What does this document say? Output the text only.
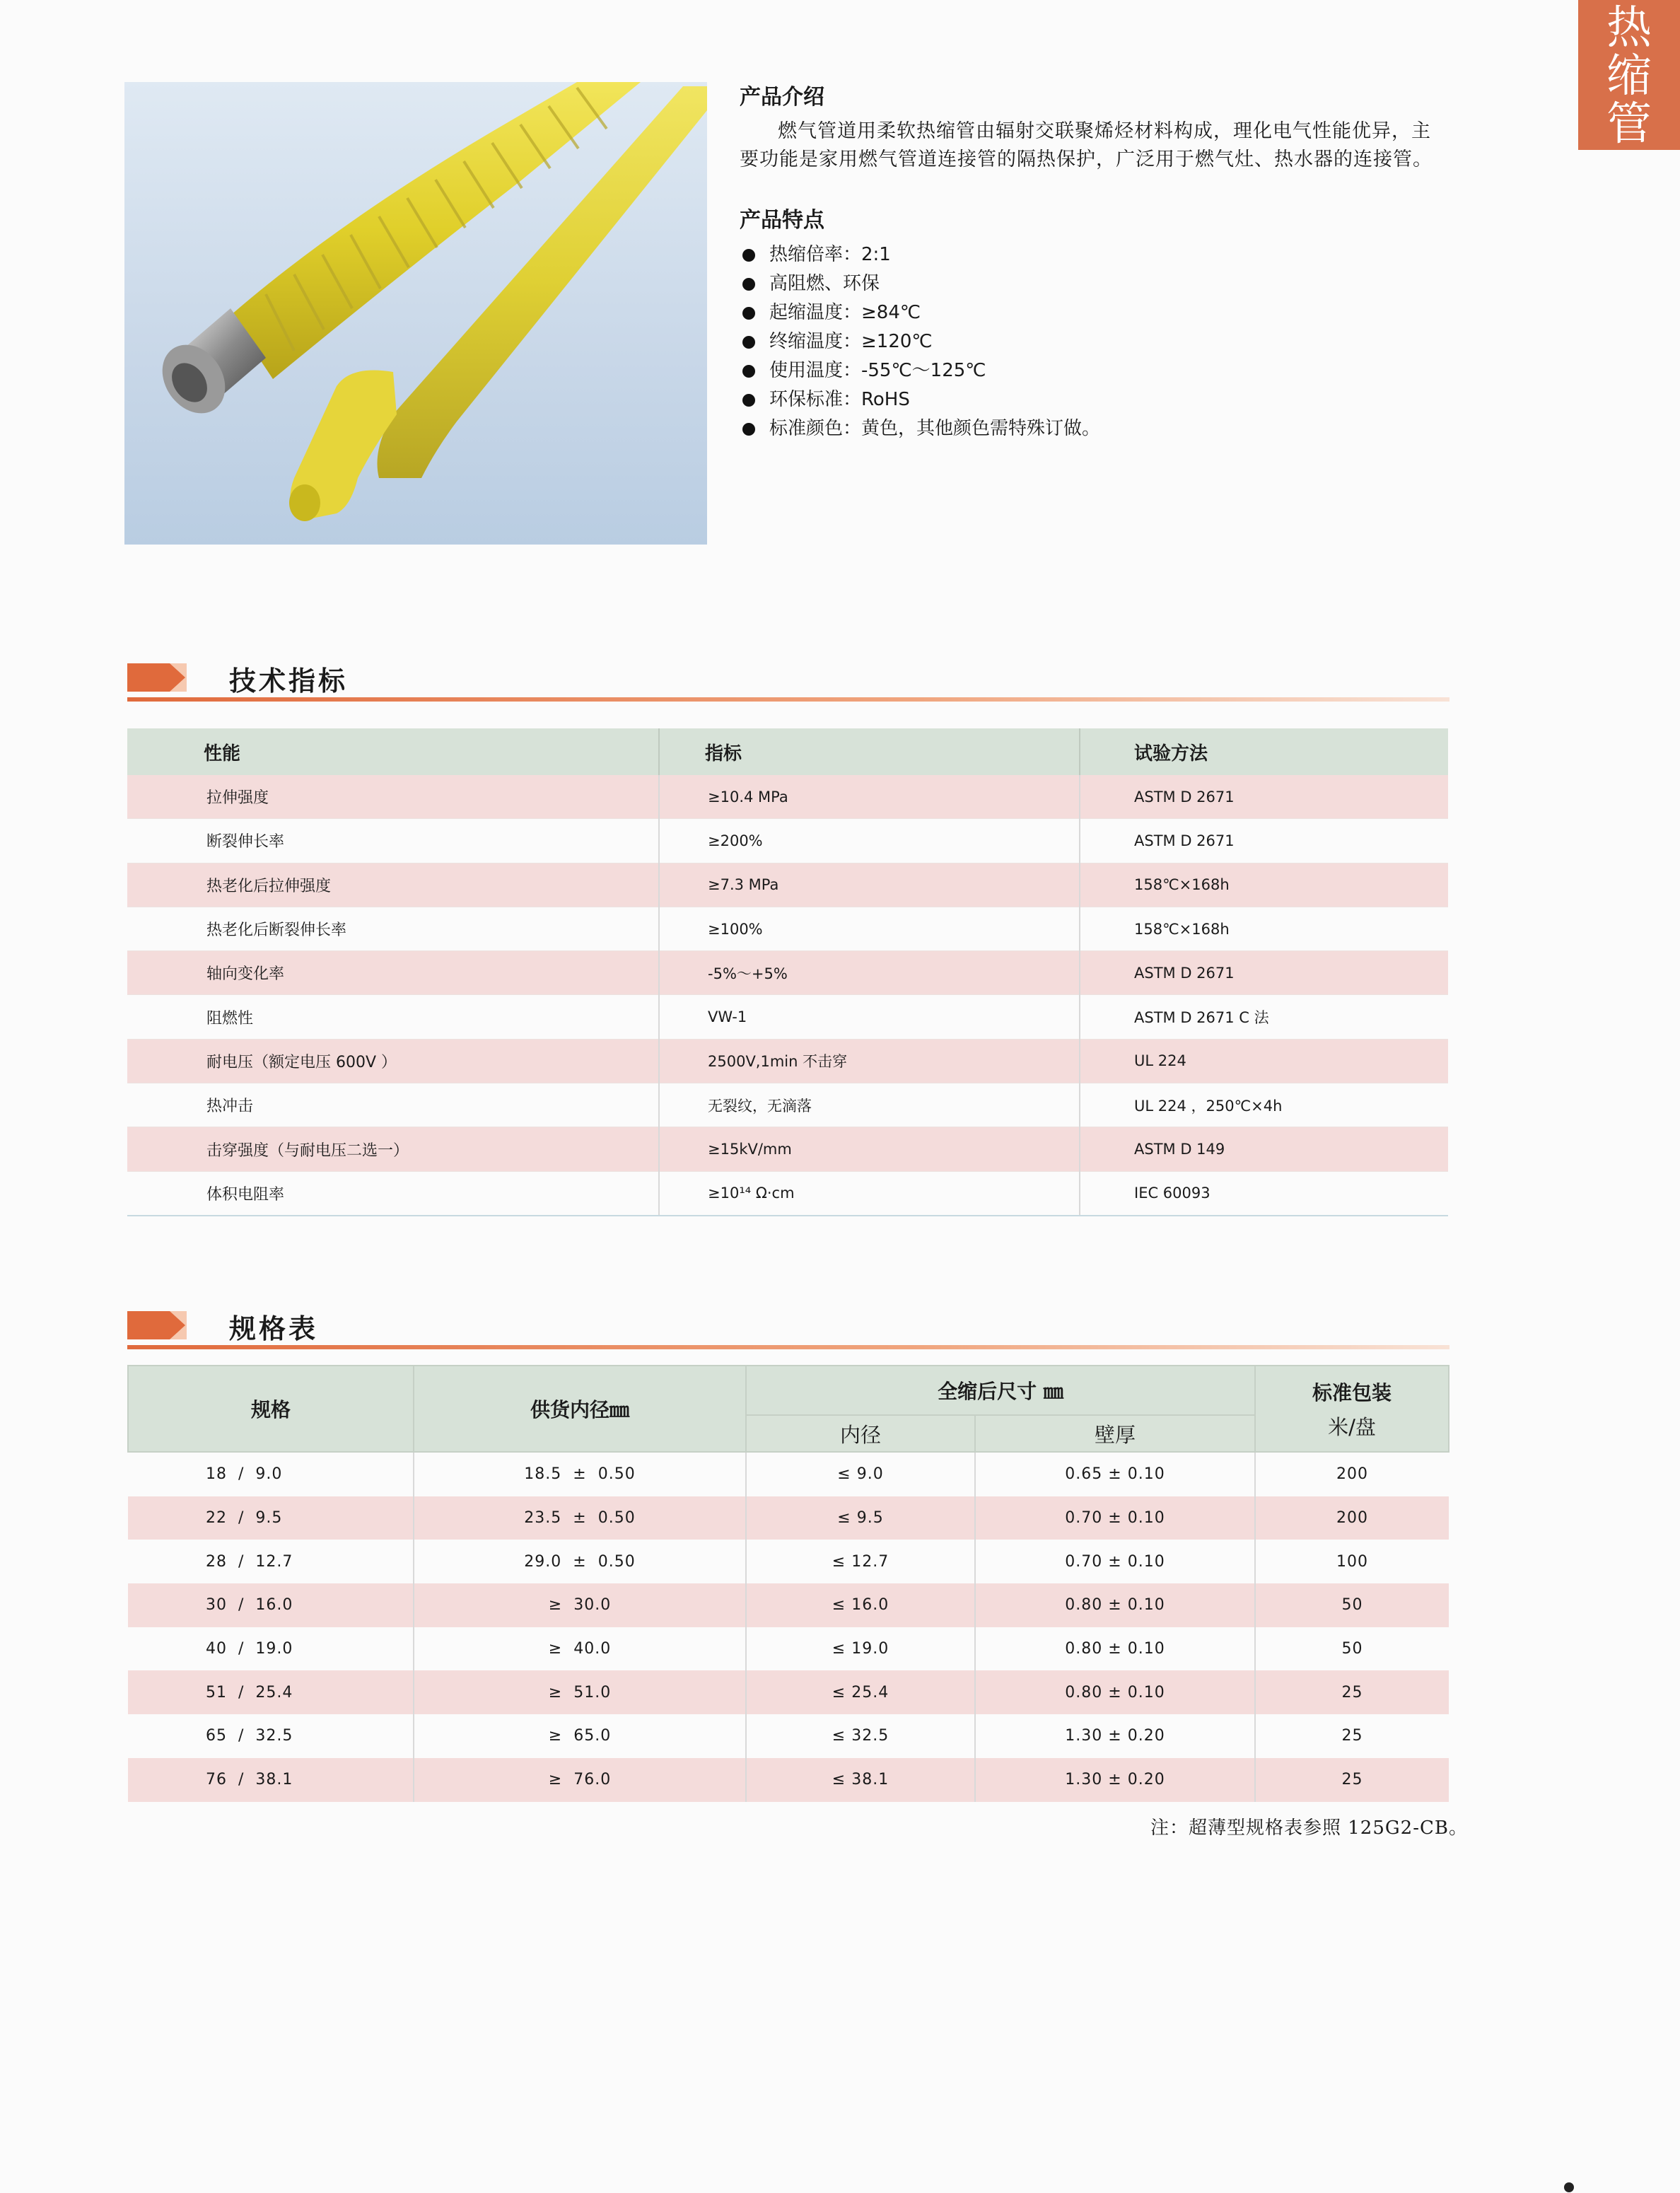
热
缩
管
产品介绍

燃气管道用柔软热缩管由辐射交联聚烯烃材料构成，理化电气性能优异，主要功能是家用燃气管道连接管的隔热保护，广泛用于燃气灶、热水器的连接管。

产品特点
热缩倍率：2:1
高阻燃、环保
起缩温度：≥84℃
终缩温度：≥120℃
使用温度：-55℃～125℃
环保标准：RoHS
标准颜色：黄色，其他颜色需特殊订做。
技术指标
性能	指标	试验方法
拉伸强度	≥10.4 MPa	ASTM D 2671
断裂伸长率	≥200%	ASTM D 2671
热老化后拉伸强度	≥7.3 MPa	158℃×168h
热老化后断裂伸长率	≥100%	158℃×168h
轴向变化率	-5%～+5%	ASTM D 2671
阻燃性	VW-1	ASTM D 2671 C 法
耐电压（额定电压 600V ）	2500V,1min 不击穿	UL 224
热冲击	无裂纹，无滴落	UL 224 ，250℃×4h
击穿强度（与耐电压二选一）	≥15kV/mm	ASTM D 149
体积电阻率	≥10¹⁴ Ω·cm	IEC 60093
规格表
规格	供货内径㎜	全缩后尺寸 ㎜		标准包装
米/盘

		内径	壁厚	
18  /  9.0	18.5 ± 0.50	≤ 9.0	0.65 ± 0.10	200
22  /  9.5	23.5 ± 0.50	≤ 9.5	0.70 ± 0.10	200
28  /  12.7	29.0 ± 0.50	≤ 12.7	0.70 ± 0.10	100
30  /  16.0	≥ 30.0	≤ 16.0	0.80 ± 0.10	50
40  /  19.0	≥ 40.0	≤ 19.0	0.80 ± 0.10	50
51  /  25.4	≥ 51.0	≤ 25.4	0.80 ± 0.10	25
65  /  32.5	≥ 65.0	≤ 32.5	1.30 ± 0.20	25
76  /  38.1	≥ 76.0	≤ 38.1	1.30 ± 0.20	25
注：超薄型规格表参照 125G2-CB。
